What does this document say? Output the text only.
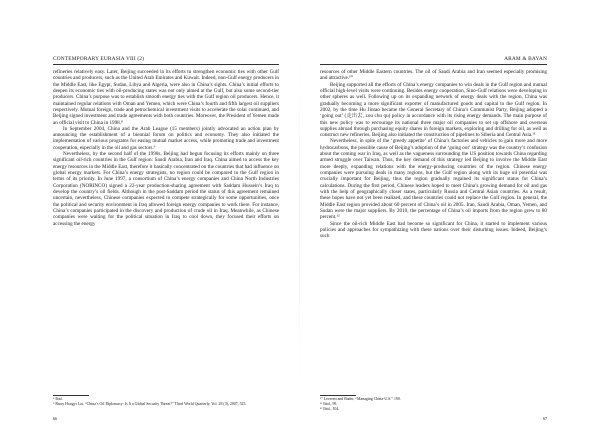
CONTEMPORARY EURASIA VIII (2)

refineries relatively easy. Later, Beijing succeeded in its efforts to strengthen economic ties with other Gulf countries and producers, such as the United Arab Emirates and Kuwait. Indeed, non-Gulf energy producers in the Middle East, like Egypt, Sudan, Libya and Algeria, were also in China’s sights. China’s initial efforts to deepen its economic ties with oil-producing states was not only aimed at the Gulf, but also some second-tier producers. China’s purpose was to establish smooth energy ties with the Gulf region oil producers. Hence, it maintained regular relations with Oman and Yemen, which were China’s fourth and fifth largest oil suppliers respectively. Mutual foreign, trade and petrochemical investment visits to accelerate the solar continued, and Beijing signed investment and trade agreements with both countries. Moreover, the President of Yemen made an official visit to China in 1998.⁸

In September 2004, China and the Arab League (15 members) jointly advocated an action plan by announcing the establishment of a biennial forum on politics and economy. They also initiated the implementation of various programs for easing mutual market access, while promoting trade and investment cooperation, especially in the oil and gas sectors.⁹

Nevertheless, by the second half of the 1990s, Beijing had begun focusing its efforts mainly on three significant oil-rich countries in the Gulf region: Saudi Arabia, Iran and Iraq. China aimed to access the key energy resources in the Middle East, therefore it basically concentrated on the countries that had influence on global energy markets. For China’s energy strategists, no region could be compared to the Gulf region in terms of its priority. In June 1997, a consortium of China’s energy companies and China North Industries Corporation (NORINCO) signed a 22-year production-sharing agreement with Saddam Hussein’s Iraq to develop the country’s oil fields. Although in the post-Saddam period the status of this agreement remained uncertain, nevertheless, Chinese companies expected to compete strategically for some opportunities, once the political and security environment in Iraq allowed foreign energy companies to work there. For instance, China’s companies participated in the discovery and production of crude oil in Iraq. Meanwhile, as Chinese companies were waiting for the political situation in Iraq to cool down, they focused their efforts on accessing the energy

⁸ Ibid.
⁹ Barry Hongyi Lai, “China’s Oil Diplomacy: Is It a Global Security Threat?” Third World Quarterly, Vol. 28 (3), 2007, 525.
66
ARAM & BAYAN

resources of other Middle Eastern countries. The oil of Saudi Arabia and Iran seemed especially promising and attractive.¹⁰

Beijing supported all the efforts of China’s energy companies to win deals in the Gulf region and mutual official high-level visits were continuing. Besides energy cooperation, Sino-Gulf relations were developing in other spheres as well. Following up on its expanding network of energy deals with the region, China was gradually becoming a more significant exporter of manufactured goods and capital to the Gulf region. In 2002, by the time Hu Jintao became the General Secretary of China’s Communist Party, Beijing adopted a ‘going out’ (走出去, zou chu qu) policy in accordance with its rising energy demands. The main purpose of this new policy was to encourage its national three major oil companies to set up offshore and overseas supplies abroad through purchasing equity shares in foreign markets, exploring and drilling for oil, as well as construct new refineries. Beijing also initiated the construction of pipelines to Siberia and Central Asia.¹¹

Nevertheless, in spite of the ‘greedy appetite’ of China’s factories and vehicles to gain more and more hydrocarbons, the possible cause of Beijing’s adoption of the ‘going out’ strategy was the country’s confusion about the coming war in Iraq, as well as the vagueness surrounding the US position towards China regarding armed struggle over Taiwan. Thus, the key demand of this strategy led Beijing to involve the Middle East more deeply, expanding relations with the energy-producing countries of the region. Chinese energy companies were pursuing deals in many regions, but the Gulf region along with its huge oil potential was crucially important for Beijing, thus the region gradually regained its significant status for China’s calculations. During the first period, Chinese leaders hoped to meet China’s growing demand for oil and gas with the help of geographically closer states, particularly Russia and Central Asian countries. As a result, these hopes have not yet been realized, and these countries could not replace the Gulf region. In general, the Middle East region provided about 60 percent of China’s oil in 2005. Iran, Saudi Arabia, Oman, Yemen, and Sudan were the major suppliers. By 2010, the percentage of China’s oil imports from the region grew to 80 percent.¹²

Since the oil-rich Middle East had become so significant for China, it started to implement various policies and approaches for sympathizing with these nations over their disturbing issues. Indeed, Beijing’s such

¹⁰ Leverett and Bader, “Managing China-U.S.” 190.
¹¹ Ibid., 99.
¹² Ibid., 104.
67
